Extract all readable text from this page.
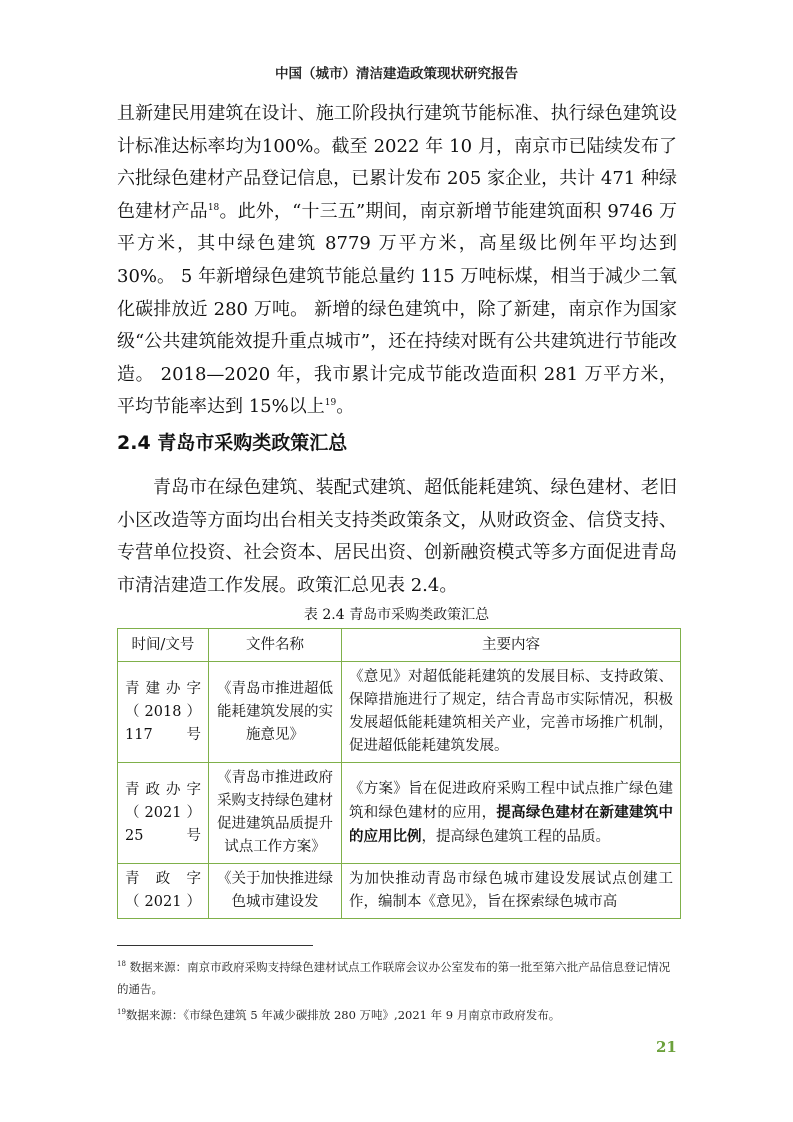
中国（城市）清洁建造政策现状研究报告

且新建民用建筑在设计、施工阶段执行建筑节能标准、执行绿色建筑设计标准达标率均为100%。截至 2022 年 10 月，南京市已陆续发布了六批绿色建材产品登记信息，已累计发布 205 家企业，共计 471 种绿色建材产品$^{18}$。此外，“十三五”期间，南京新增节能建筑面积 9746 万平方米，其中绿色建筑 8779 万平方米，高星级比例年平均达到 30%。 5 年新增绿色建筑节能总量约 115 万吨标煤，相当于减少二氧化碳排放近 280 万吨。 新增的绿色建筑中，除了新建，南京作为国家级“公共建筑能效提升重点城市”，还在持续对既有公共建筑进行节能改造。 2018—2020 年，我市累计完成节能改造面积 281 万平方米，平均节能率达到 15%以上$^{19}$。

2.4 青岛市采购类政策汇总

青岛市在绿色建筑、装配式建筑、超低能耗建筑、绿色建材、老旧小区改造等方面均出台相关支持类政策条文，从财政资金、信贷支持、专营单位投资、社会资本、居民出资、创新融资模式等多方面促进青岛市清洁建造工作发展。政策汇总见表 2.4。

表 2.4 青岛市采购类政策汇总
时间/文号	文件名称	主要内容
青建办字（2018）117 号	《青岛市推进超低能耗建筑发展的实施意见》	《意见》对超低能耗建筑的发展目标、支持政策、保障措施进行了规定，结合青岛市实际情况，积极发展超低能耗建筑相关产业，完善市场推广机制，促进超低能耗建筑发展。
青政办字（2021）25 号	《青岛市推进政府采购支持绿色建材促进建筑品质提升试点工作方案》	《方案》旨在促进政府采购工程中试点推广绿色建筑和绿色建材的应用，提高绿色建材在新建建筑中的应用比例，提高绿色建筑工程的品质。
青政字（2021）	《关于加快推进绿色城市建设发	为加快推动青岛市绿色城市建设发展试点创建工作，编制本《意见》，旨在探索绿色城市高

$^{18}$ 数据来源：南京市政府采购支持绿色建材试点工作联席会议办公室发布的第一批至第六批产品信息登记情况的通告。

$^{19}$数据来源：《市绿色建筑 5 年减少碳排放 280 万吨》,2021 年 9 月南京市政府发布。

21
